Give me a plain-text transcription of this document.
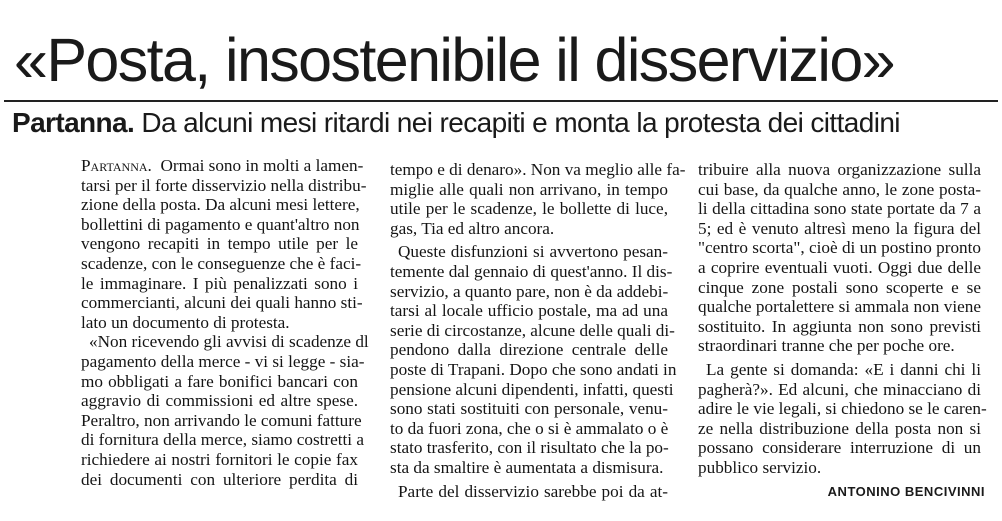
«Posta, insostenibile il disservizio»
Partanna. Da alcuni mesi ritardi nei recapiti e monta la protesta dei cittadini
Partanna. Ormai sono in molti a lamen-
tarsi per il forte disservizio nella distribu-
zione della posta. Da alcuni mesi lettere,
bollettini di pagamento e quant'altro non
vengono recapiti in tempo utile per le
scadenze, con le conseguenze che è faci-
le immaginare. I più penalizzati sono i
commercianti, alcuni dei quali hanno sti-
lato un documento di protesta.
«Non ricevendo gli avvisi di scadenze dl
pagamento della merce - vi si legge - sia-
mo obbligati a fare bonifici bancari con
aggravio di commissioni ed altre spese.
Peraltro, non arrivando le comuni fatture
di fornitura della merce, siamo costretti a
richiedere ai nostri fornitori le copie fax
dei documenti con ulteriore perdita di
tempo e di denaro». Non va meglio alle fa-
miglie alle quali non arrivano, in tempo
utile per le scadenze, le bollette di luce,
gas, Tia ed altro ancora.
Queste disfunzioni si avvertono pesan-
temente dal gennaio di quest'anno. Il dis-
servizio, a quanto pare, non è da addebi-
tarsi al locale ufficio postale, ma ad una
serie di circostanze, alcune delle quali di-
pendono dalla direzione centrale delle
poste di Trapani. Dopo che sono andati in
pensione alcuni dipendenti, infatti, questi
sono stati sostituiti con personale, venu-
to da fuori zona, che o si è ammalato o è
stato trasferito, con il risultato che la po-
sta da smaltire è aumentata a dismisura.
Parte del disservizio sarebbe poi da at-
tribuire alla nuova organizzazione sulla
cui base, da qualche anno, le zone posta-
li della cittadina sono state portate da 7 a
5; ed è venuto altresì meno la figura del
"centro scorta", cioè di un postino pronto
a coprire eventuali vuoti. Oggi due delle
cinque zone postali sono scoperte e se
qualche portalettere si ammala non viene
sostituito. In aggiunta non sono previsti
straordinari tranne che per poche ore.
La gente si domanda: «E i danni chi li
pagherà?». Ed alcuni, che minacciano di
adire le vie legali, si chiedono se le caren-
ze nella distribuzione della posta non si
possano considerare interruzione di un
pubblico servizio.
ANTONINO BENCIVINNI
